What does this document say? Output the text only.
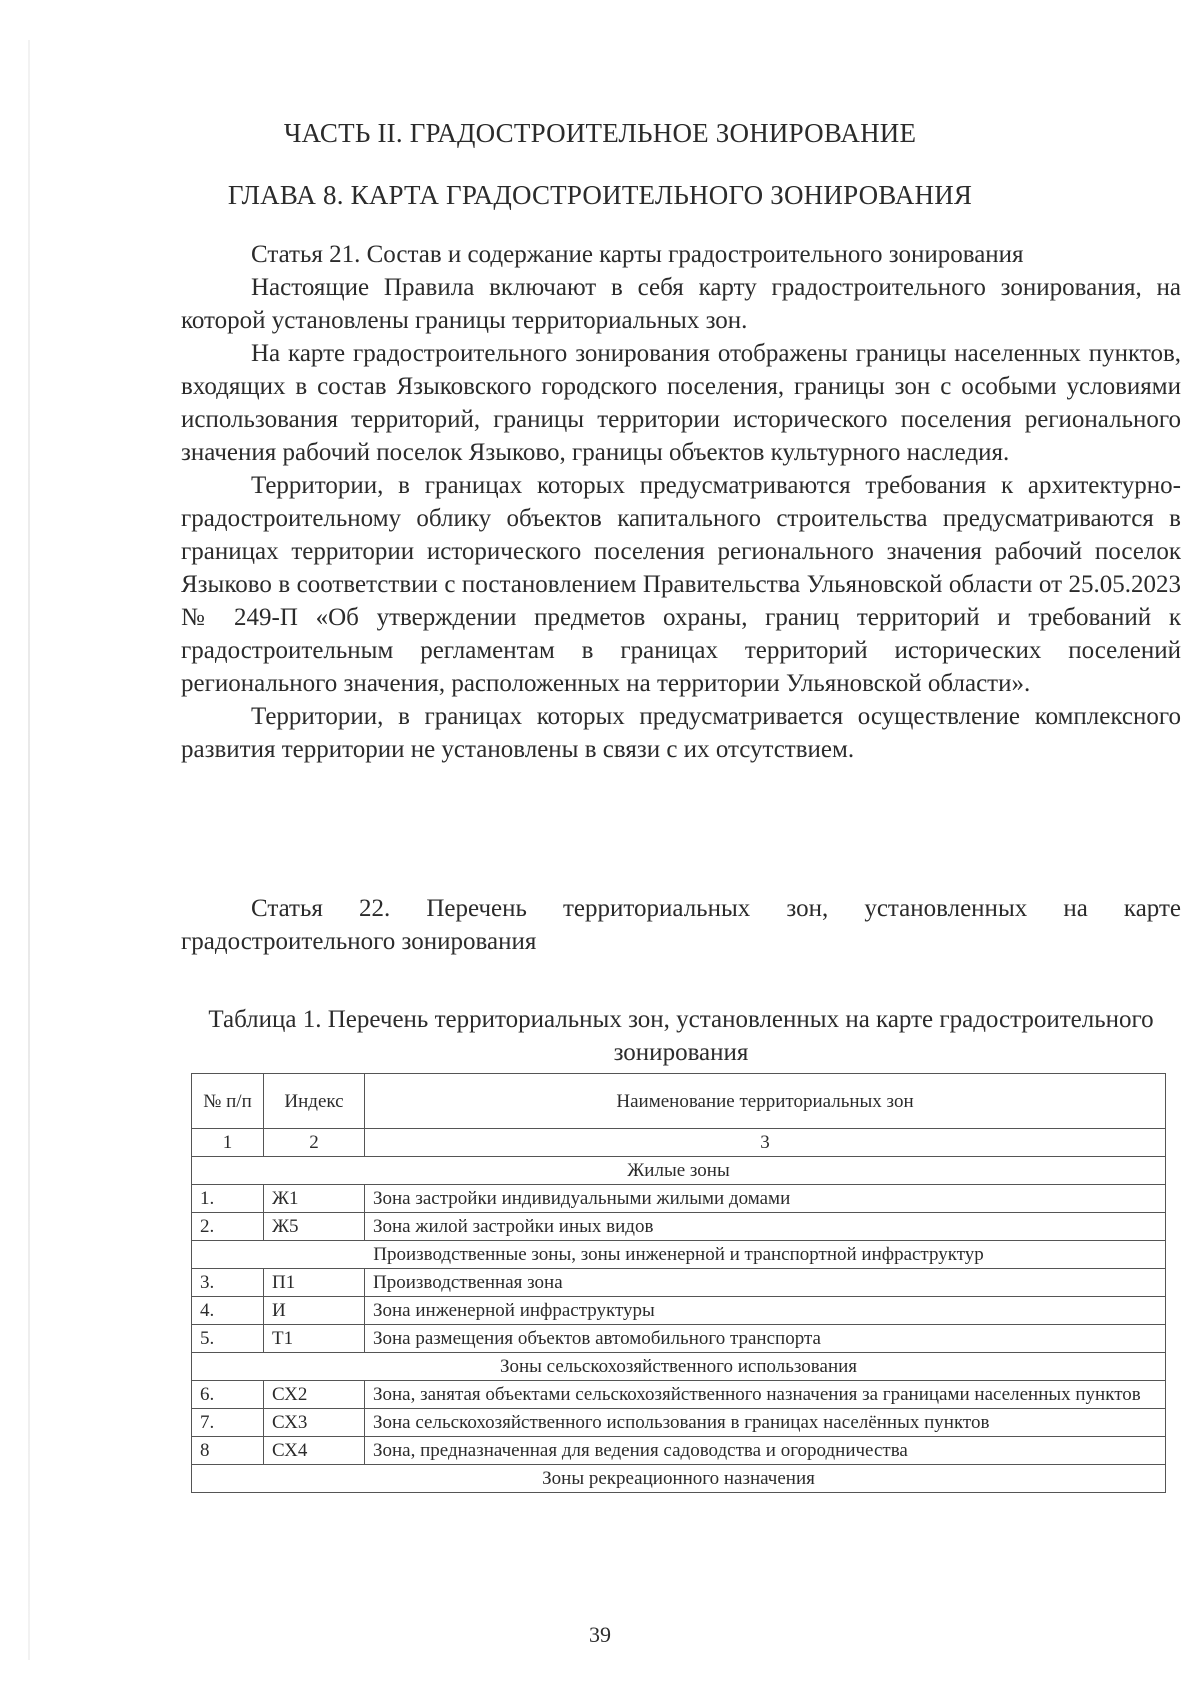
ЧАСТЬ II. ГРАДОСТРОИТЕЛЬНОЕ ЗОНИРОВАНИЕ
ГЛАВА 8. КАРТА ГРАДОСТРОИТЕЛЬНОГО ЗОНИРОВАНИЯ

Статья 21. Состав и содержание карты градостроительного зонирования

Настоящие Правила включают в себя карту градостроительного зонирования, на которой установлены границы территориальных зон.

На карте градостроительного зонирования отображены границы населенных пунктов, входящих в состав Языковского городского поселения, границы зон с особыми условиями использования территорий, границы территории исторического поселения регионального значения рабочий поселок Языково, границы объектов культурного наследия.

Территории, в границах которых предусматриваются требования к архитектурно-градостроительному облику объектов капитального строительства предусматриваются в границах территории исторического поселения регионального значения рабочий поселок Языково в соответствии с постановлением Правительства Ульяновской области от 25.05.2023 № 249-П «Об утверждении предметов охраны, границ территорий и требований к градостроительным регламентам в границах территорий исторических поселений регионального значения, расположенных на территории Ульяновской области».

Территории, в границах которых предусматривается осуществление комплексного развития территории не установлены в связи с их отсутствием.

Статья 22. Перечень территориальных зон, установленных на карте градостроительного зонирования

Таблица 1. Перечень территориальных зон, установленных на карте градостроительного зонирования
№ п/п	Индекс	Наименование территориальных зон
1	2	3
Жилые зоны		
1.	Ж1	Зона застройки индивидуальными жилыми домами
2.	Ж5	Зона жилой застройки иных видов
Производственные зоны, зоны инженерной и транспортной инфраструктур		
3.	П1	Производственная зона
4.	И	Зона инженерной инфраструктуры
5.	Т1	Зона размещения объектов автомобильного транспорта
Зоны сельскохозяйственного использования		
6.	СХ2	Зона, занятая объектами сельскохозяйственного назначения за границами населенных пунктов
7.	СХ3	Зона сельскохозяйственного использования в границах населённых пунктов
8	СХ4	Зона, предназначенная для ведения садоводства и огородничества
Зоны рекреационного назначения		
39
